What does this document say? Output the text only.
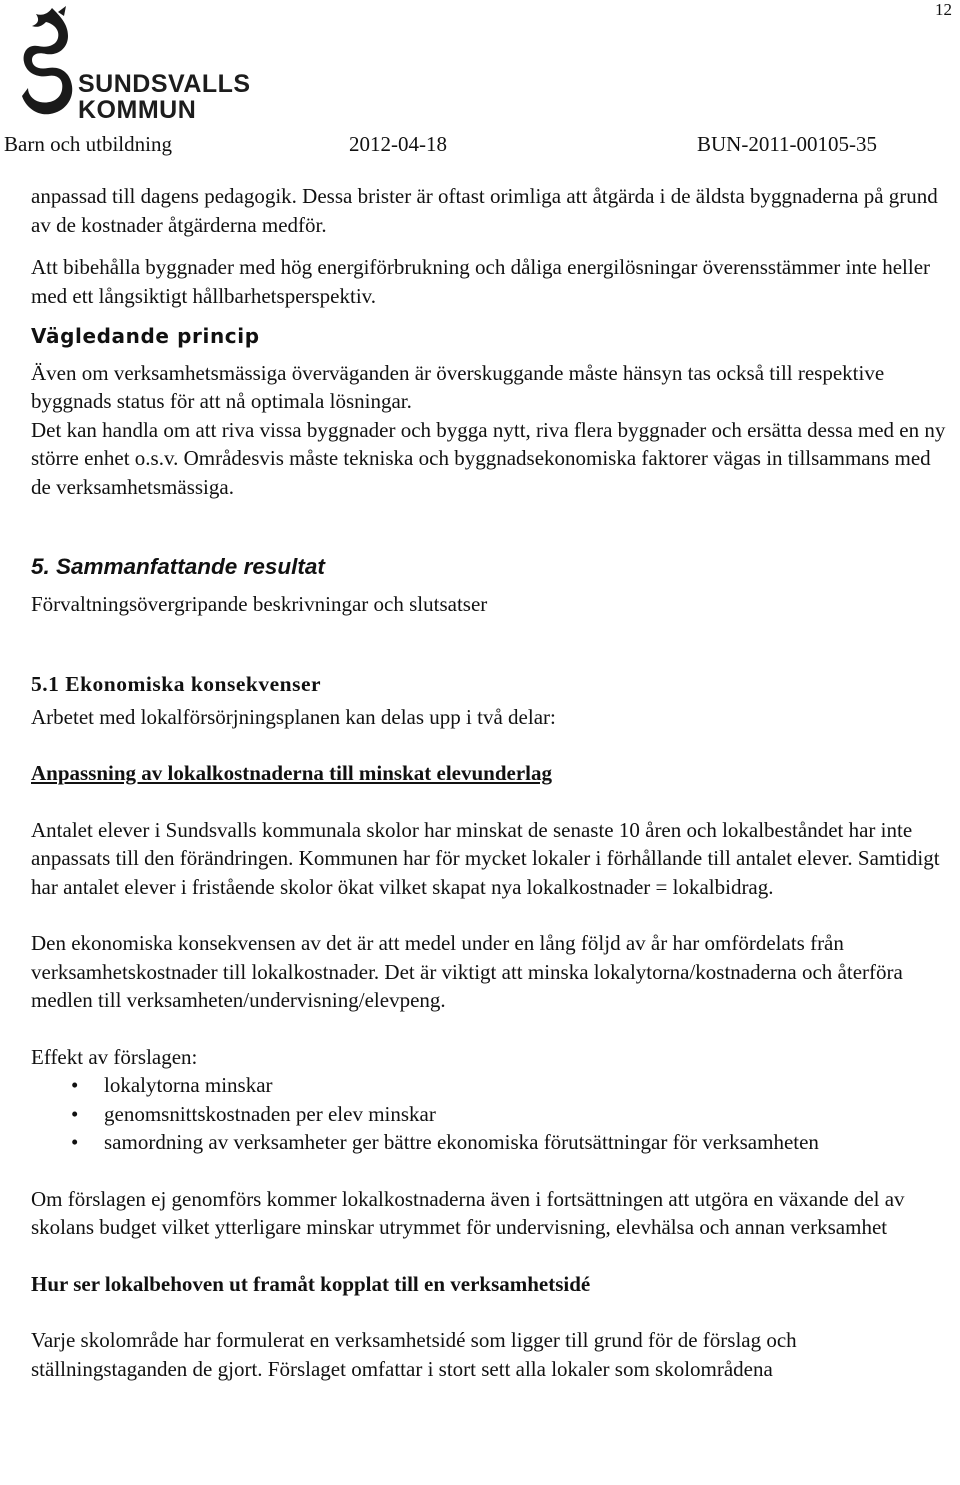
12
SUNDSVALLS
KOMMUN
Barn och utbildning	2012-04-18	BUN-2011-00105-35

anpassad till dagens pedagogik. Dessa brister är oftast orimliga att åtgärda i de äldsta byggnaderna på grund av de kostnader åtgärderna medför.

Att bibehålla byggnader med hög energiförbrukning och dåliga energilösningar överensstämmer inte heller med ett långsiktigt hållbarhetsperspektiv.

Vägledande princip

Även om verksamhetsmässiga överväganden är överskuggande måste hänsyn tas också till respektive byggnads status för att nå optimala lösningar.

Det kan handla om att riva vissa byggnader och bygga nytt, riva flera byggnader och ersätta dessa med en ny större enhet o.s.v. Områdesvis måste tekniska och byggnadsekonomiska faktorer vägas in tillsammans med de verksamhetsmässiga.

5. Sammanfattande resultat

Förvaltningsövergripande beskrivningar och slutsatser

5.1 Ekonomiska konsekvenser

Arbetet med lokalförsörjningsplanen kan delas upp i två delar:

Anpassning av lokalkostnaderna till minskat elevunderlag

Antalet elever i Sundsvalls kommunala skolor har minskat de senaste 10 åren och lokalbeståndet har inte anpassats till den förändringen. Kommunen har för mycket lokaler i förhållande till antalet elever. Samtidigt har antalet elever i fristående skolor ökat vilket skapat nya lokalkostnader = lokalbidrag.

Den ekonomiska konsekvensen av det är att medel under en lång följd av år har omfördelats från verksamhetskostnader till lokalkostnader. Det är viktigt att minska lokalytorna/kostnaderna och återföra medlen till verksamheten/undervisning/elevpeng.

Effekt av förslagen:

• lokalytorna minskar
• genomsnittskostnaden per elev minskar
• samordning av verksamheter ger bättre ekonomiska förutsättningar för verksamheten

Om förslagen ej genomförs kommer lokalkostnaderna även i fortsättningen att utgöra en växande del av skolans budget vilket ytterligare minskar utrymmet för undervisning, elevhälsa och annan verksamhet

Hur ser lokalbehoven ut framåt kopplat till en verksamhetsidé

Varje skolområde har formulerat en verksamhetsidé som ligger till grund för de förslag och ställningstaganden de gjort. Förslaget omfattar i stort sett alla lokaler som skolområdena
